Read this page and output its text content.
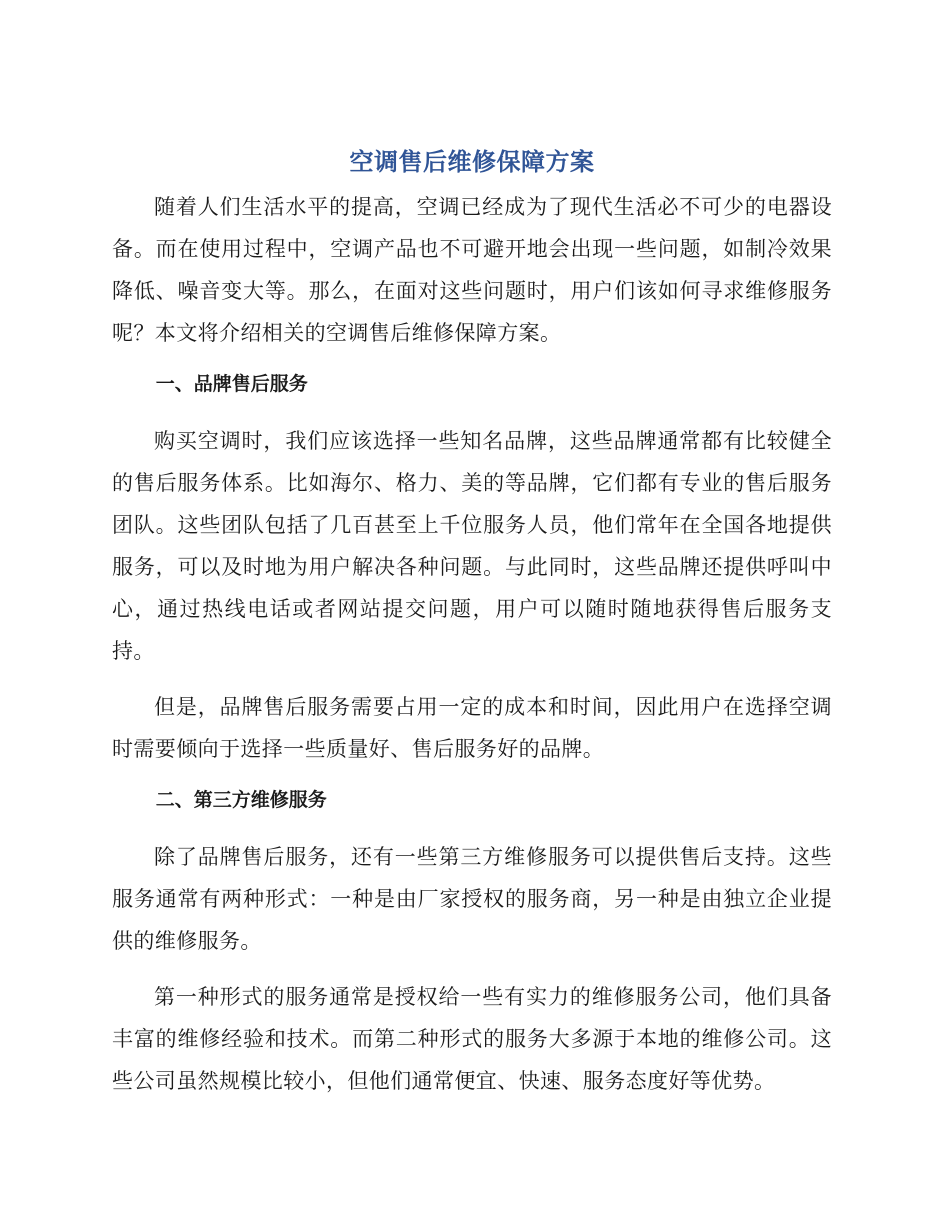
空调售后维修保障方案

随着人们生活水平的提高，空调已经成为了现代生活必不可少的电器设备。而在使用过程中，空调产品也不可避开地会出现一些问题，如制冷效果降低、噪音变大等。那么，在面对这些问题时，用户们该如何寻求维修服务呢？本文将介绍相关的空调售后维修保障方案。

一、品牌售后服务

购买空调时，我们应该选择一些知名品牌，这些品牌通常都有比较健全的售后服务体系。比如海尔、格力、美的等品牌，它们都有专业的售后服务团队。这些团队包括了几百甚至上千位服务人员，他们常年在全国各地提供服务，可以及时地为用户解决各种问题。与此同时，这些品牌还提供呼叫中心，通过热线电话或者网站提交问题，用户可以随时随地获得售后服务支持。

但是，品牌售后服务需要占用一定的成本和时间，因此用户在选择空调时需要倾向于选择一些质量好、售后服务好的品牌。

二、第三方维修服务

除了品牌售后服务，还有一些第三方维修服务可以提供售后支持。这些服务通常有两种形式：一种是由厂家授权的服务商，另一种是由独立企业提供的维修服务。

第一种形式的服务通常是授权给一些有实力的维修服务公司，他们具备丰富的维修经验和技术。而第二种形式的服务大多源于本地的维修公司。这些公司虽然规模比较小，但他们通常便宜、快速、服务态度好等优势。
